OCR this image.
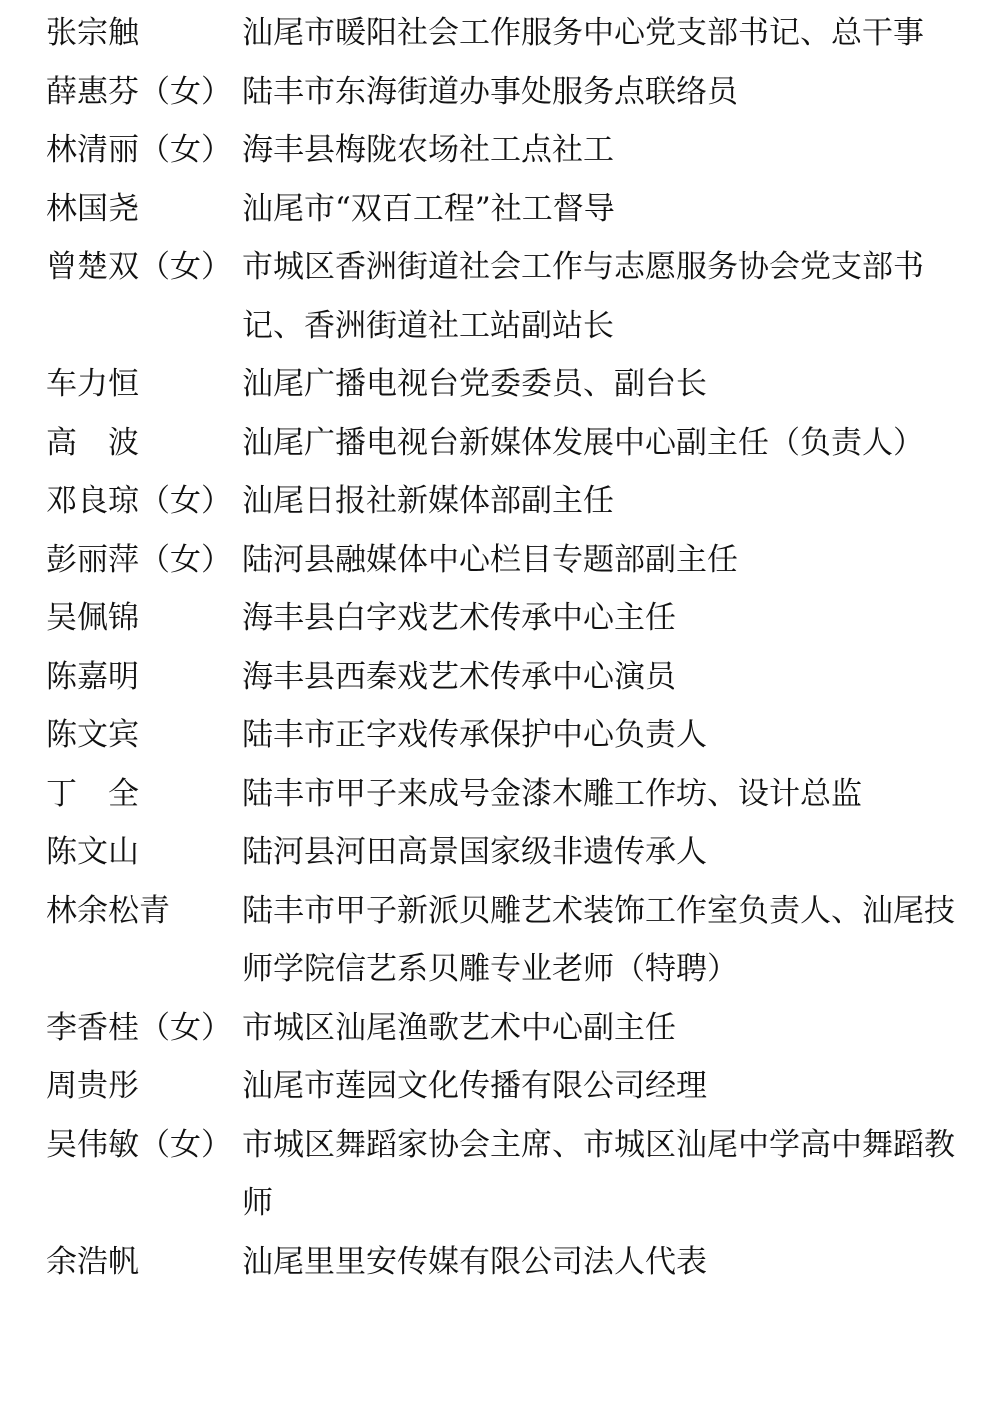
张宗触	汕尾市暖阳社会工作服务中心党支部书记、总干事
薛惠芬（女） 陆丰市东海街道办事处服务点联络员
林清丽（女） 海丰县梅陇农场社工点社工
林国尧	汕尾市“双百工程”社工督导
曾楚双（女） 市城区香洲街道社会工作与志愿服务协会党支部书记、香洲街道社工站副站长
车力恒	汕尾广播电视台党委委员、副台长
高　波	汕尾广播电视台新媒体发展中心副主任（负责人）
邓良琼（女） 汕尾日报社新媒体部副主任
彭丽萍（女） 陆河县融媒体中心栏目专题部副主任
吴佩锦	海丰县白字戏艺术传承中心主任
陈嘉明	海丰县西秦戏艺术传承中心演员
陈文宾	陆丰市正字戏传承保护中心负责人
丁　全	陆丰市甲子来成号金漆木雕工作坊、设计总监
陈文山	陆河县河田高景国家级非遗传承人
林余松青	陆丰市甲子新派贝雕艺术装饰工作室负责人、汕尾技师学院信艺系贝雕专业老师（特聘）
李香桂（女） 市城区汕尾渔歌艺术中心副主任
周贵彤	汕尾市莲园文化传播有限公司经理
吴伟敏（女） 市城区舞蹈家协会主席、市城区汕尾中学高中舞蹈教师
余浩帆	汕尾里里安传媒有限公司法人代表
